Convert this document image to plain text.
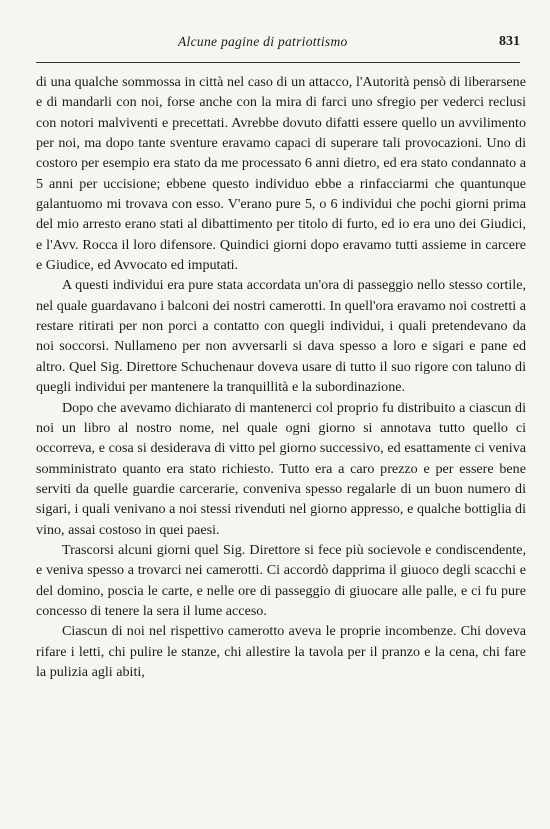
Alcune pagine di patriottismo	831

di una qualche sommossa in città nel caso di un attacco, l'Autorità pensò di liberarsene e di mandarli con noi, forse anche con la mira di farci uno sfregio per vederci reclusi con notori malviventi e precettati. Avrebbe dovuto difatti essere quello un avvilimento per noi, ma dopo tante sventure eravamo capaci di superare tali provocazioni. Uno di costoro per esempio era stato da me processato 6 anni dietro, ed era stato condannato a 5 anni per uccisione; ebbene questo individuo ebbe a rinfacciarmi che quantunque galantuomo mi trovava con esso. V'erano pure 5, o 6 individui che pochi giorni prima del mio arresto erano stati al dibattimento per titolo di furto, ed io era uno dei Giudici, e l'Avv. Rocca il loro difensore. Quindici giorni dopo eravamo tutti assieme in carcere e Giudice, ed Avvocato ed imputati.

A questi individui era pure stata accordata un'ora di passeggio nello stesso cortile, nel quale guardavano i balconi dei nostri camerotti. In quell'ora eravamo noi costretti a restare ritirati per non porci a contatto con quegli individui, i quali pretendevano da noi soccorsi. Nullameno per non avversarli si dava spesso a loro e sigari e pane ed altro. Quel Sig. Direttore Schuchenaur doveva usare di tutto il suo rigore con taluno di quegli individui per mantenere la tranquillità e la subordinazione.

Dopo che avevamo dichiarato di mantenerci col proprio fu distribuito a ciascun di noi un libro al nostro nome, nel quale ogni giorno si annotava tutto quello ci occorreva, e cosa si desiderava di vitto pel giorno successivo, ed esattamente ci veniva somministrato quanto era stato richiesto. Tutto era a caro prezzo e per essere bene serviti da quelle guardie carcerarie, conveniva spesso regalarle di un buon numero di sigari, i quali venivano a noi stessi rivenduti nel giorno appresso, e qualche bottiglia di vino, assai costoso in quei paesi.

Trascorsi alcuni giorni quel Sig. Direttore si fece più socievole e condiscendente, e veniva spesso a trovarci nei camerotti. Ci accordò dapprima il giuoco degli scacchi e del domino, poscia le carte, e nelle ore di passeggio di giuocare alle palle, e ci fu pure concesso di tenere la sera il lume acceso.

Ciascun di noi nel rispettivo camerotto aveva le proprie incombenze. Chi doveva rifare i letti, chi pulire le stanze, chi allestire la tavola per il pranzo e la cena, chi fare la pulizia agli abiti,
